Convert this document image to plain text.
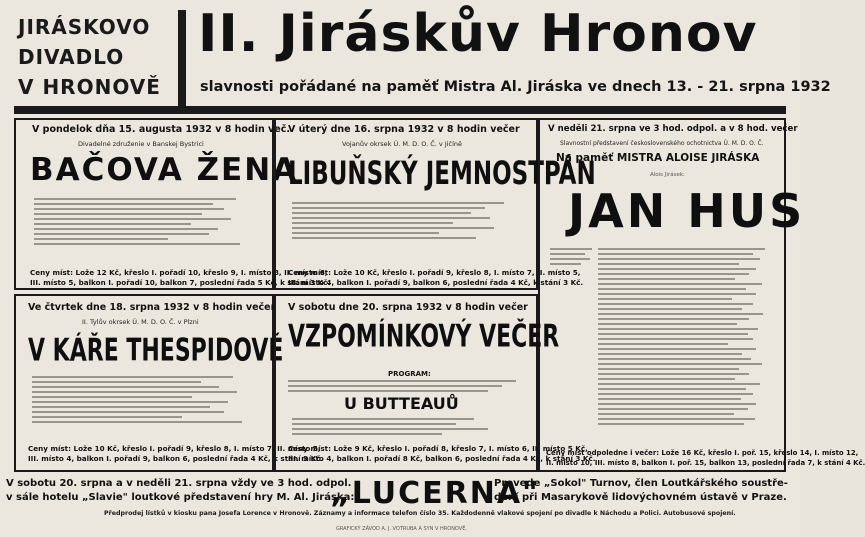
JIRÁSKOVO
DIVADLO
V HRONOVĚ
II. Jiráskův Hronov
slavnosti pořádané na paměť Mistra Al. Jiráska ve dnech 13. - 21. srpna 1932
V pondelok dňa 15. augusta 1932 v 8 hodin več.
Divadelné združenie v Banskej Bystrici
BAČOVA ŽENA
Ceny míst: Lože 12 Kč, křeslo I. pořadí 10, křeslo 9, I. místo 8, II. místo 6,
III. místo 5, balkon I. pořadí 10, balkon 7, poslední řada 5 Kč, k stání 3 Kč.
V úterý dne 16. srpna 1932 v 8 hodin večer
Vojanův okrsek Ú. M. D. O. Č. v Jičíně
LIBUŇSKÝ JEMNOSTPÁN
Ceny míst: Lože 10 Kč, křeslo I. pořadí 9, křeslo 8, I. místo 7, II. místo 5,
III. místo 4, balkon I. pořadí 9, balkon 6, poslední řada 4 Kč, k stání 3 Kč.
V neděli 21. srpna ve 3 hod. odpol. a v 8 hod. večer
Slavnostní představení československého ochotnictva Ú. M. D. O. Č.
Na paměť MISTRA ALOISE JIRÁSKA
Alois Jirásek:
JAN HUS
Ceny míst odpoledne i večer: Lože 16 Kč, křeslo I. poř. 15, křeslo 14, I. místo 12,
II. místo 10, III. místo 8, balkon I. poř. 15, balkon 13, poslední řada 7, k stání 4 Kč.
Ve čtvrtek dne 18. srpna 1932 v 8 hodin večer
II. Tylův okrsek Ú. M. D. O. Č. v Plzni
V KÁŘE THESPIDOVĚ
Ceny míst: Lože 10 Kč, křeslo I. pořadí 9, křeslo 8, I. místo 7, II. místo 5,
III. místo 4, balkon I. pořadí 9, balkon 6, poslední řada 4 Kč, k stání 3 Kč.
V sobotu dne 20. srpna 1932 v 8 hodin večer
VZPOMÍNKOVÝ VEČER
PROGRAM:
U BUTTEAUŮ
Ceny míst: Lože 9 Kč, křeslo I. pořadí 8, křeslo 7, I. místo 6, II. místo 5 Kč,
III. místo 4, balkon I. pořadí 8 Kč, balkon 6, poslední řada 4 Kč, k stání 3 Kč.
V sobotu 20. srpna a v neděli 21. srpna vždy ve 3 hod. odpol.
v sále hotelu „Slavie" loutkové představení hry M. Al. Jiráska:
„LUCERNA"
Provede „Sokol" Turnov, člen Loutkářského soustře-
dění při Masarykově lidovýchovném ústavě v Praze.
Předprodej lístků v kiosku pana Josefa Lorence v Hronově. Záznamy a informace telefon číslo 35. Každodenně vlakové spojení po divadle k Náchodu a Polici. Autobusové spojení.
GRAFICKÝ ZÁVOD A. J. VOTRUBA A SYN V HRONOVĚ.
